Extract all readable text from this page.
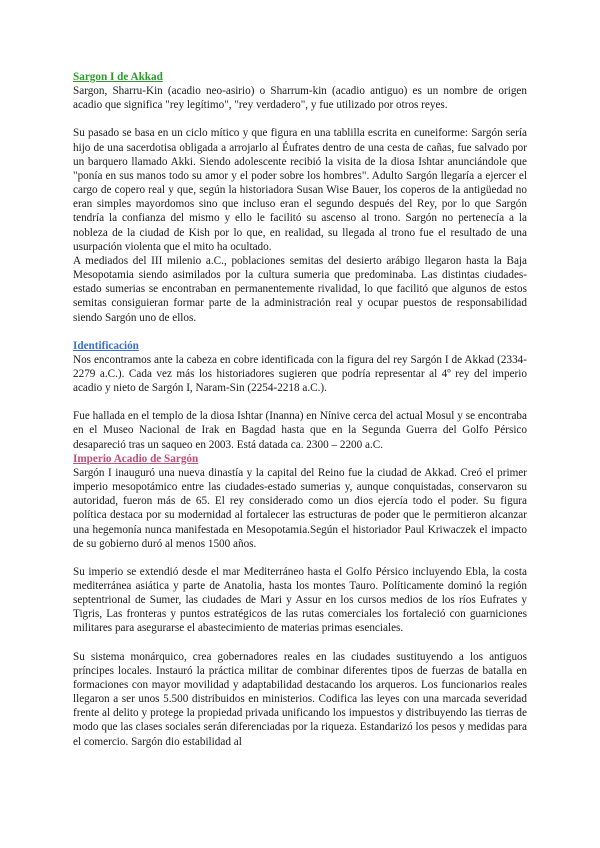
Sargon I de Akkad

Sargon, Sharru-Kin (acadio neo-asirio) o Sharrum-kin (acadio antiguo) es un nombre de origen acadio que significa "rey legítimo", "rey verdadero", y fue utilizado por otros reyes.

Su pasado se basa en un ciclo mítico y que figura en una tablilla escrita en cuneiforme: Sargón sería hijo de una sacerdotisa obligada a arrojarlo al Éufrates dentro de una cesta de cañas, fue salvado por un barquero llamado Akki. Siendo adolescente recibió la visita de la diosa Ishtar anunciándole que "ponía en sus manos todo su amor y el poder sobre los hombres". Adulto Sargón llegaría a ejercer el cargo de copero real y que, según la historiadora Susan Wise Bauer, los coperos de la antigüedad no eran simples mayordomos sino que incluso eran el segundo después del Rey, por lo que Sargón tendría la confianza del mismo y ello le facilitó su ascenso al trono. Sargón no pertenecía a la nobleza de la ciudad de Kish por lo que, en realidad, su llegada al trono fue el resultado de una usurpación violenta que el mito ha ocultado.

A mediados del III milenio a.C., poblaciones semitas del desierto arábigo llegaron hasta la Baja Mesopotamia siendo asimilados por la cultura sumeria que predominaba. Las distintas ciudades-estado sumerias se encontraban en permanentemente rivalidad, lo que facilitó que algunos de estos semitas consiguieran formar parte de la administración real y ocupar puestos de responsabilidad siendo Sargón uno de ellos.

Identificación

Nos encontramos ante la cabeza en cobre identificada con la figura del rey Sargón I de Akkad (2334-2279 a.C.). Cada vez más los historiadores sugieren que podría representar al 4º rey del imperio acadio y nieto de Sargón I, Naram-Sin (2254-2218 a.C.).

Fue hallada en el templo de la diosa Ishtar (Inanna) en Nínive cerca del actual Mosul y se encontraba en el Museo Nacional de Irak en Bagdad hasta que en la Segunda Guerra del Golfo Pérsico desapareció tras un saqueo en 2003. Está datada ca. 2300 – 2200 a.C.

Imperio Acadio de Sargón

Sargón I inauguró una nueva dinastía y la capital del Reino fue la ciudad de Akkad. Creó el primer imperio mesopotámico entre las ciudades-estado sumerias y, aunque conquistadas, conservaron su autoridad, fueron más de 65. El rey considerado como un dios ejercía todo el poder. Su figura política destaca por su modernidad al fortalecer las estructuras de poder que le permitieron alcanzar una hegemonía nunca manifestada en Mesopotamia.Según el historiador Paul Kriwaczek el impacto de su gobierno duró al menos 1500 años.

Su imperio se extendió desde el mar Mediterráneo hasta el Golfo Pérsico incluyendo Ebla, la costa mediterránea asiática y parte de Anatolia, hasta los montes Tauro. Políticamente dominó la región septentrional de Sumer, las ciudades de Mari y Assur en los cursos medios de los ríos Eufrates y Tigris, Las fronteras y puntos estratégicos de las rutas comerciales los fortaleció con guarniciones militares para asegurarse el abastecimiento de materias primas esenciales.

Su sistema monárquico, crea gobernadores reales en las ciudades sustituyendo a los antiguos príncipes locales. Instauró la práctica militar de combinar diferentes tipos de fuerzas de batalla en formaciones con mayor movilidad y adaptabilidad destacando los arqueros. Los funcionarios reales llegaron a ser unos 5.500 distribuidos en ministerios. Codifica las leyes con una marcada severidad frente al delito y protege la propiedad privada unificando los impuestos y distribuyendo las tierras de modo que las clases sociales serán diferenciadas por la riqueza. Estandarizó los pesos y medidas para el comercio. Sargón dio estabilidad al
